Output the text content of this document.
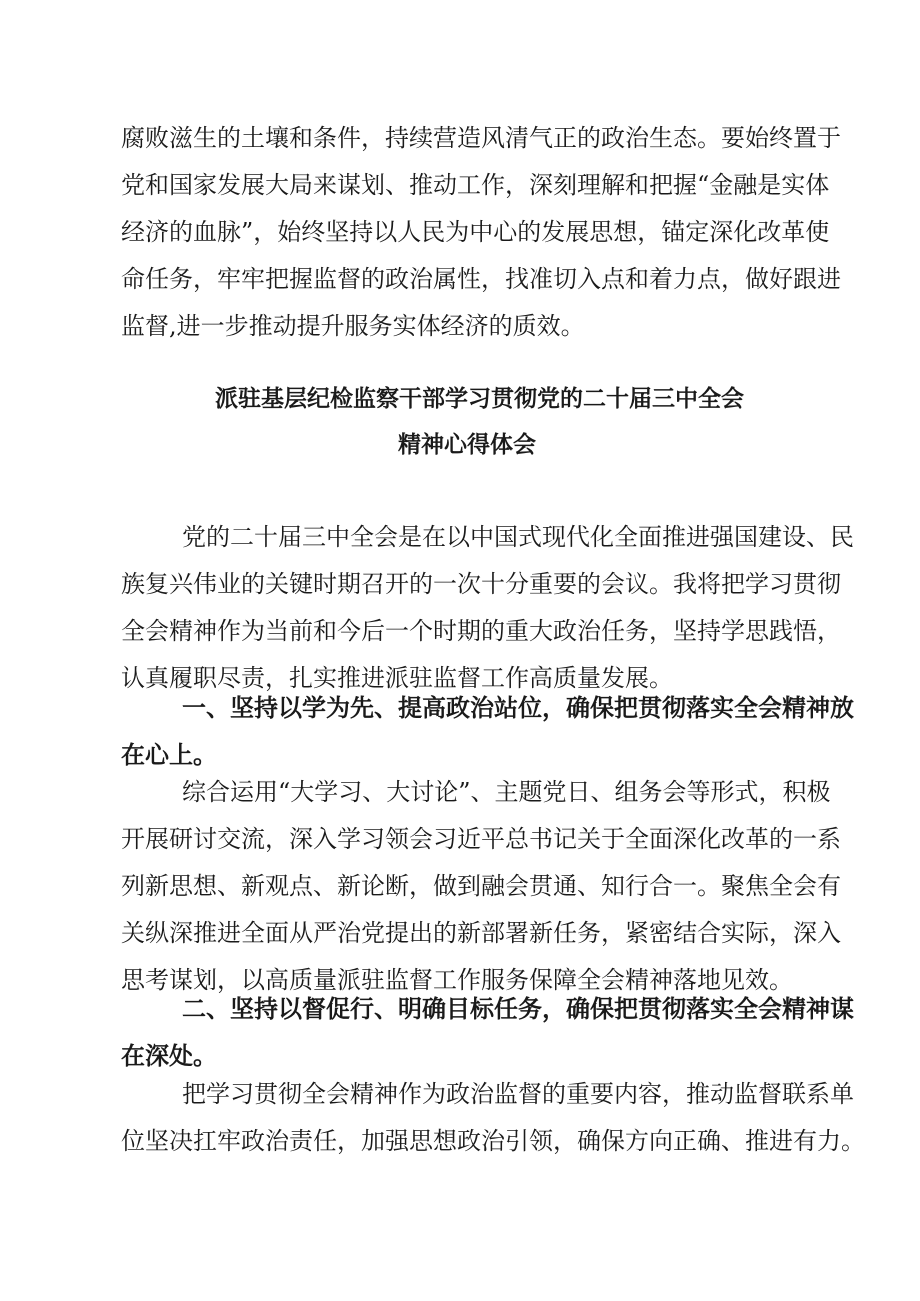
腐败滋生的土壤和条件，持续营造风清气正的政治生态。要始终置于
党和国家发展大局来谋划、推动工作，深刻理解和把握“金融是实体
经济的血脉”，始终坚持以人民为中心的发展思想，锚定深化改革使
命任务，牢牢把握监督的政治属性，找准切入点和着力点，做好跟进
监督,进一步推动提升服务实体经济的质效。
派驻基层纪检监察干部学习贯彻党的二十届三中全会
精神心得体会
党的二十届三中全会是在以中国式现代化全面推进强国建设、民
族复兴伟业的关键时期召开的一次十分重要的会议。我将把学习贯彻
全会精神作为当前和今后一个时期的重大政治任务，坚持学思践悟，
认真履职尽责，扎实推进派驻监督工作高质量发展。
一、坚持以学为先、提高政治站位，确保把贯彻落实全会精神放
在心上。
综合运用“大学习、大讨论”、主题党日、组务会等形式，积极
开展研讨交流，深入学习领会习近平总书记关于全面深化改革的一系
列新思想、新观点、新论断，做到融会贯通、知行合一。聚焦全会有
关纵深推进全面从严治党提出的新部署新任务，紧密结合实际，深入
思考谋划，以高质量派驻监督工作服务保障全会精神落地见效。
二、坚持以督促行、明确目标任务，确保把贯彻落实全会精神谋
在深处。
把学习贯彻全会精神作为政治监督的重要内容，推动监督联系单
位坚决扛牢政治责任，加强思想政治引领，确保方向正确、推进有力。
